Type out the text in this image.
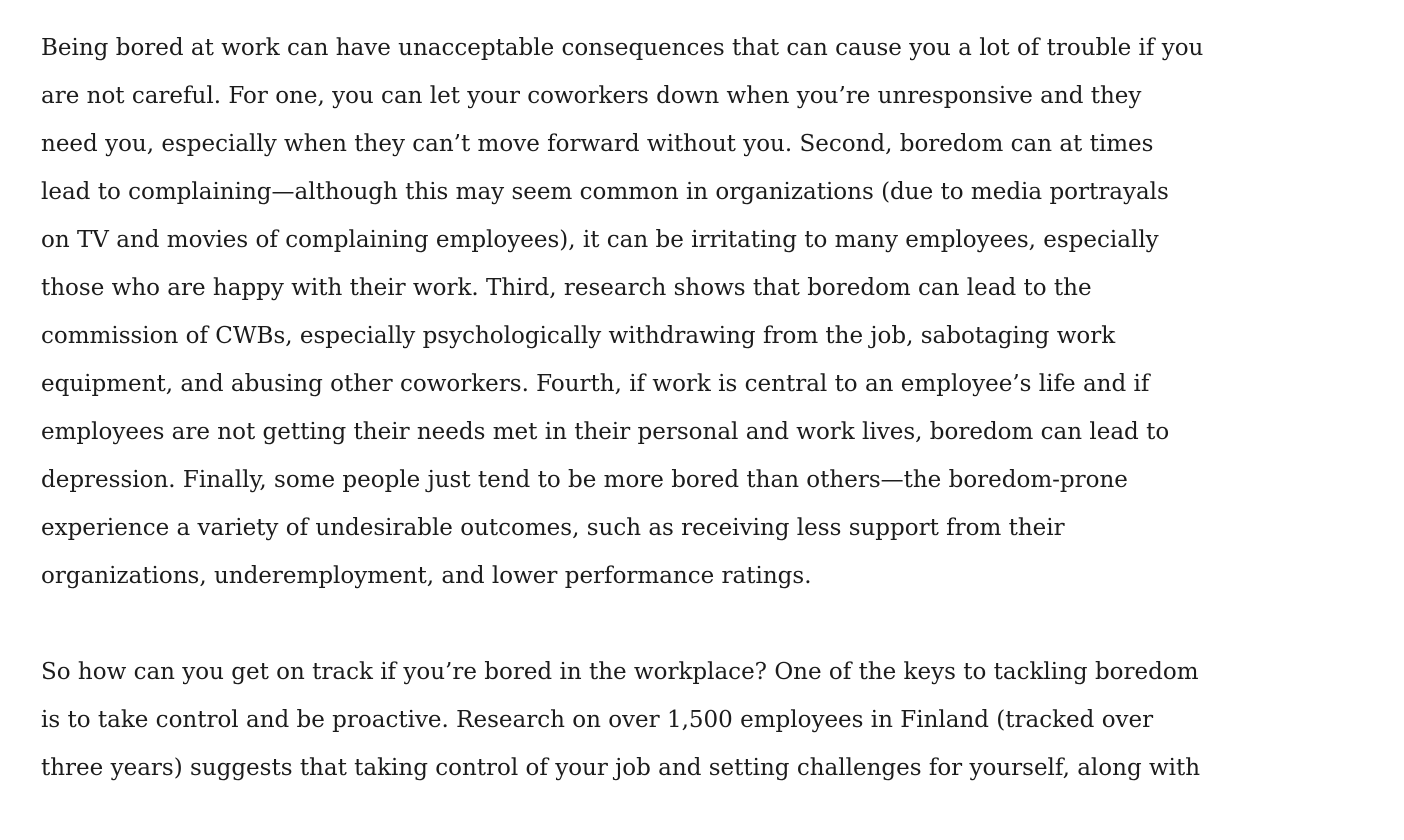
Being bored at work can have unacceptable consequences that can cause you a lot of trouble if you
are not careful. For one, you can let your coworkers down when you’re unresponsive and they
need you, especially when they can’t move forward without you. Second, boredom can at times
lead to complaining—although this may seem common in organizations (due to media portrayals
on TV and movies of complaining employees), it can be irritating to many employees, especially
those who are happy with their work. Third, research shows that boredom can lead to the
commission of CWBs, especially psychologically withdrawing from the job, sabotaging work
equipment, and abusing other coworkers. Fourth, if work is central to an employee’s life and if
employees are not getting their needs met in their personal and work lives, boredom can lead to
depression. Finally, some people just tend to be more bored than others—the boredom-prone
experience a variety of undesirable outcomes, such as receiving less support from their
organizations, underemployment, and lower performance ratings.

So how can you get on track if you’re bored in the workplace? One of the keys to tackling boredom
is to take control and be proactive. Research on over 1,500 employees in Finland (tracked over
three years) suggests that taking control of your job and setting challenges for yourself, along with
